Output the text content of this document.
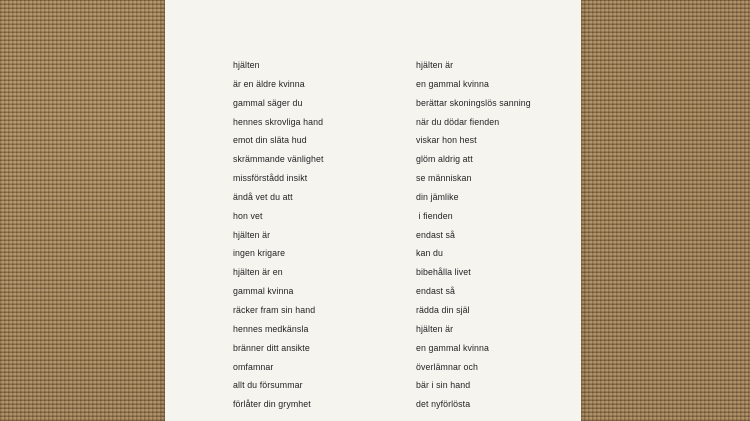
hjälten
är en äldre kvinna
gammal säger du
hennes skrovliga hand
emot din släta hud
skrämmande vänlighet
missförstådd insikt
ändå vet du att
hon vet
hjälten är
ingen krigare
hjälten är en
gammal kvinna
räcker fram sin hand
hennes medkänsla
bränner ditt ansikte
omfamnar
allt du försummar
förlåter din grymhet
hjälten är
en gammal kvinna
berättar skoningslös sanning
när du dödar fienden
viskar hon hest
glöm aldrig att
se människan
din jämlike
i fienden
endast så
kan du
bibehålla livet
endast så
rädda din själ
hjälten är
en gammal kvinna
överlämnar och
bär i sin hand
det nyförlösta
